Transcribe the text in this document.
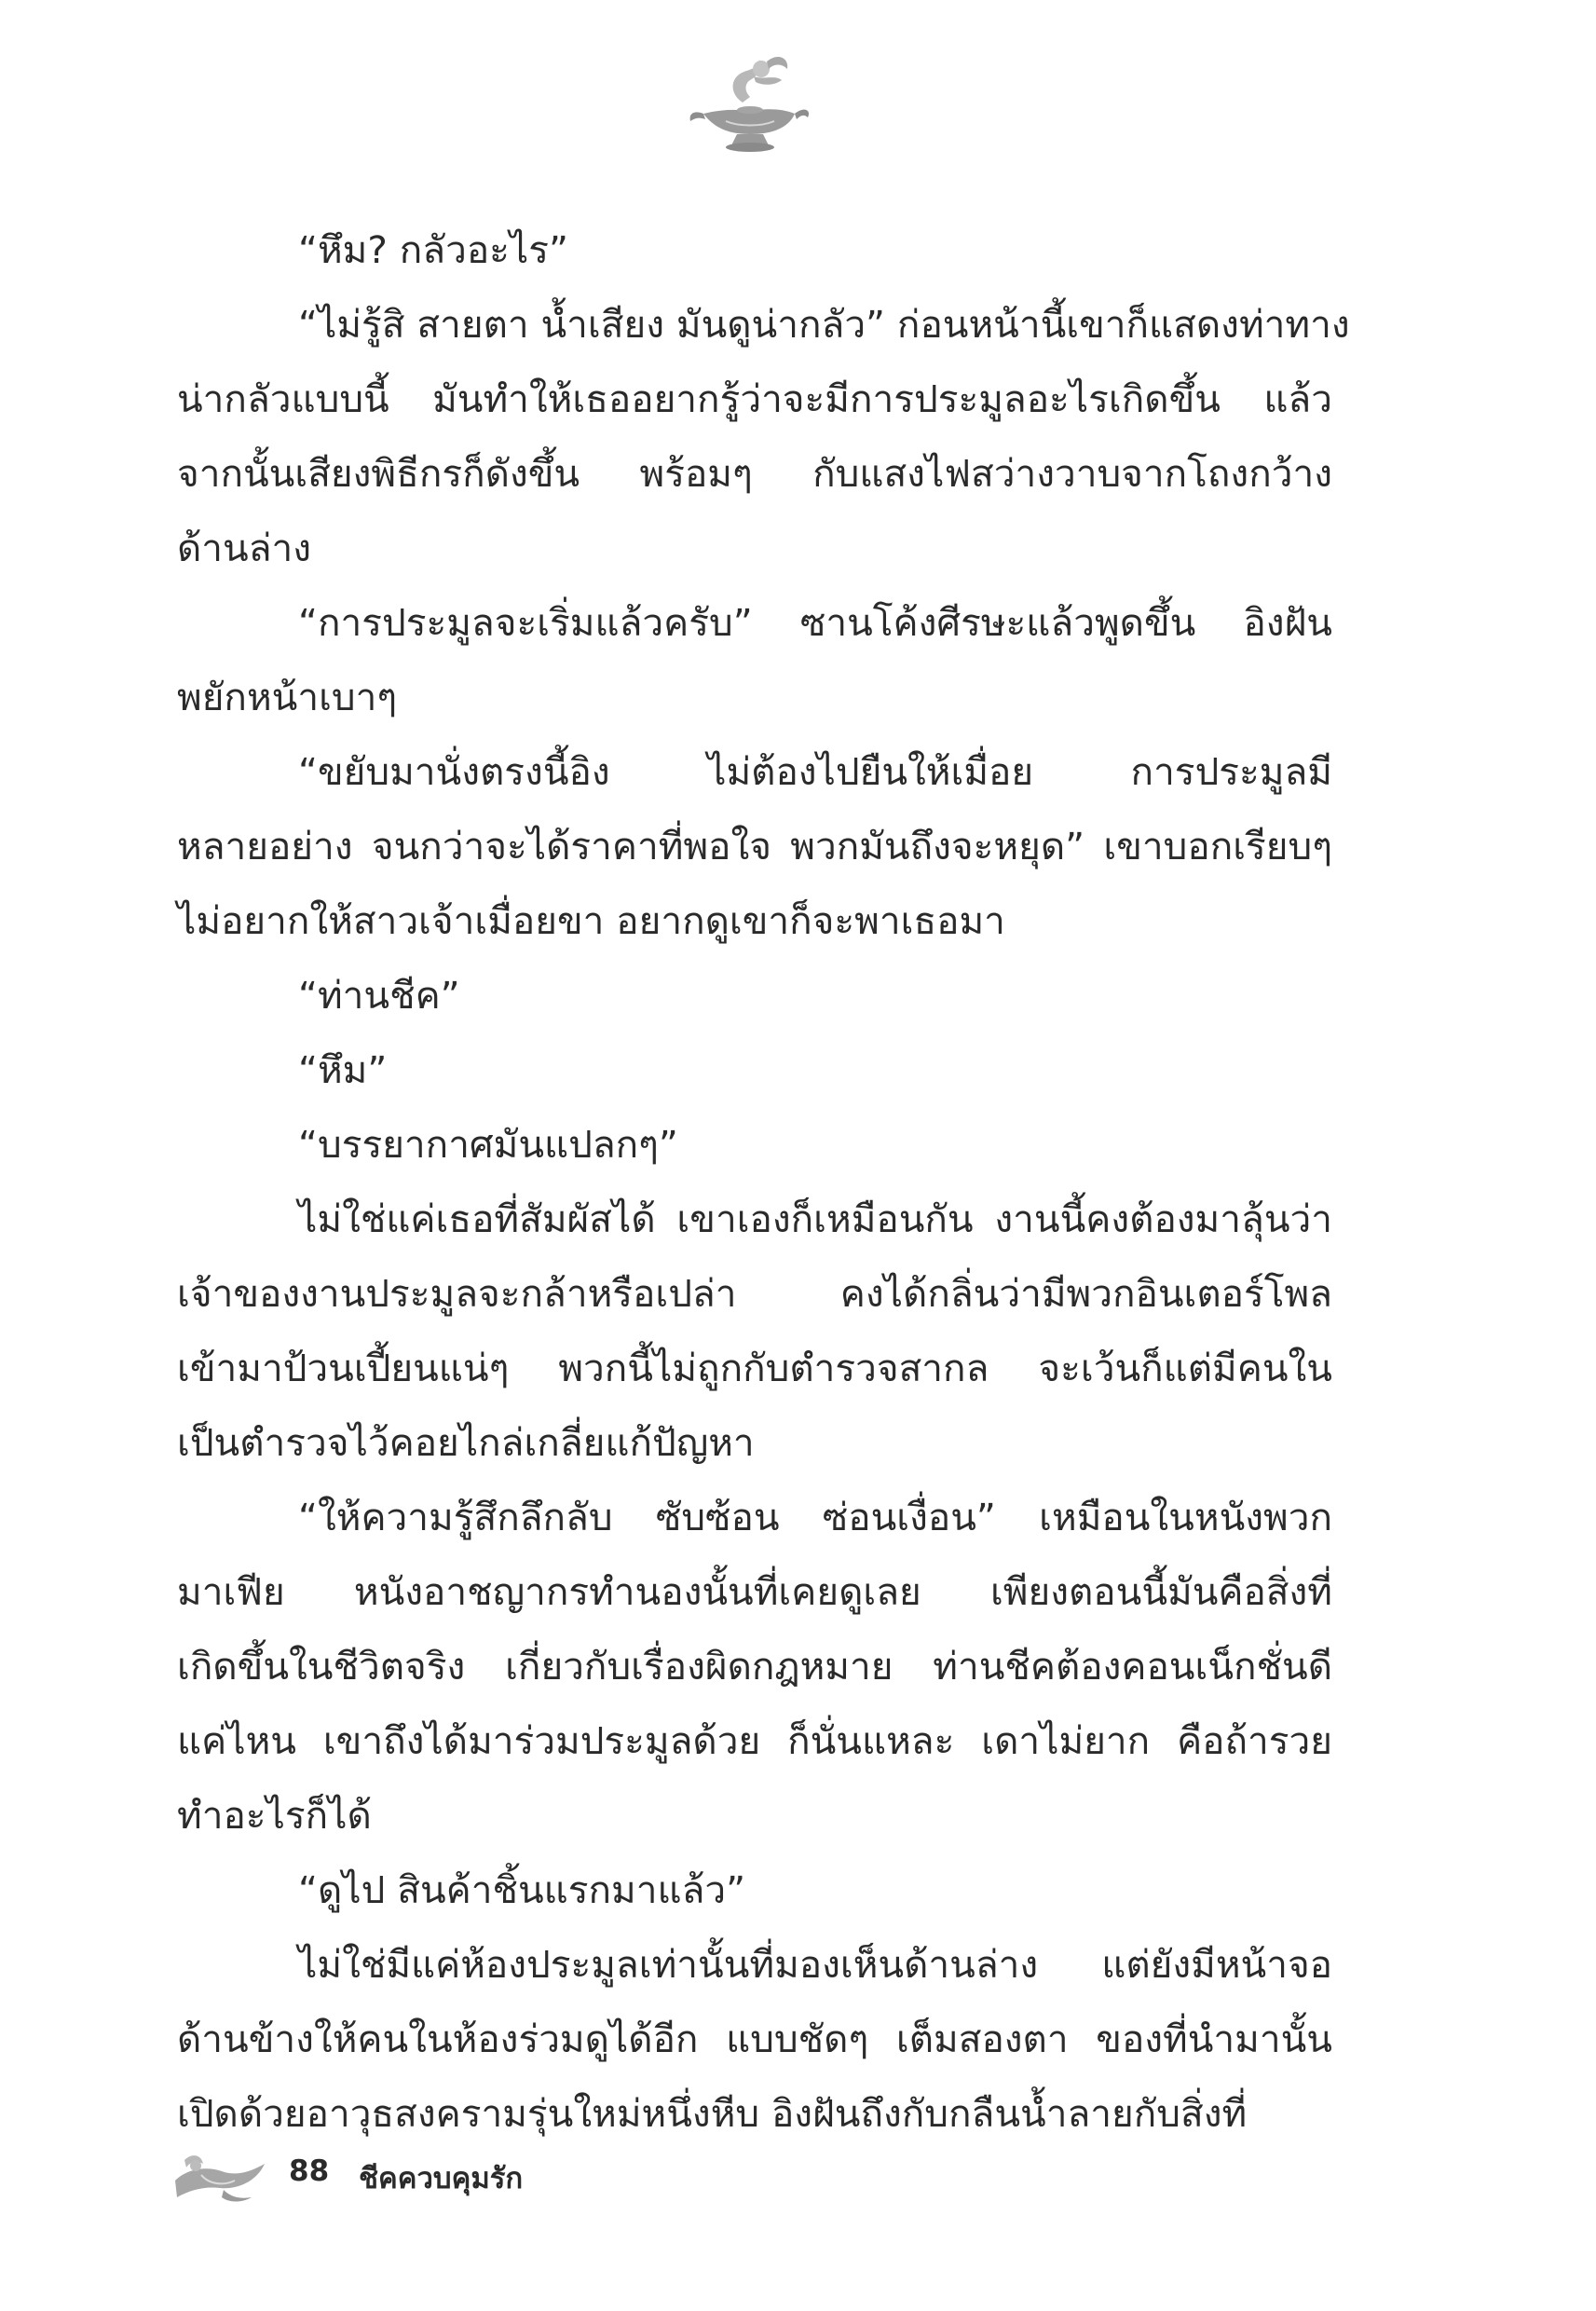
“หึม? กลัวอะไร”
“ไม่รู้สิ สายตา น้ำเสียง มันดูน่ากลัว” ก่อนหน้านี้เขาก็แสดงท่าทาง
น่ากลัวแบบนี้ มันทำให้เธออยากรู้ว่าจะมีการประมูลอะไรเกิดขึ้น แล้ว
จากนั้นเสียงพิธีกรก็ดังขึ้น พร้อมๆ กับแสงไฟสว่างวาบจากโถงกว้าง
ด้านล่าง
“การประมูลจะเริ่มแล้วครับ” ซานโค้งศีรษะแล้วพูดขึ้น อิงฝัน
พยักหน้าเบาๆ
“ขยับมานั่งตรงนี้อิง ไม่ต้องไปยืนให้เมื่อย การประมูลมี
หลายอย่าง จนกว่าจะได้ราคาที่พอใจ พวกมันถึงจะหยุด” เขาบอกเรียบๆ
ไม่อยากให้สาวเจ้าเมื่อยขา อยากดูเขาก็จะพาเธอมา
“ท่านชีค”
“หึม”
“บรรยากาศมันแปลกๆ”
ไม่ใช่แค่เธอที่สัมผัสได้ เขาเองก็เหมือนกัน งานนี้คงต้องมาลุ้นว่า
เจ้าของงานประมูลจะกล้าหรือเปล่า คงได้กลิ่นว่ามีพวกอินเตอร์โพล
เข้ามาป้วนเปี้ยนแน่ๆ พวกนี้ไม่ถูกกับตำรวจสากล จะเว้นก็แต่มีคนใน
เป็นตำรวจไว้คอยไกล่เกลี่ยแก้ปัญหา
“ให้ความรู้สึกลึกลับ ซับซ้อน ซ่อนเงื่อน” เหมือนในหนังพวก
มาเฟีย หนังอาชญากรทำนองนั้นที่เคยดูเลย เพียงตอนนี้มันคือสิ่งที่
เกิดขึ้นในชีวิตจริง เกี่ยวกับเรื่องผิดกฎหมาย ท่านชีคต้องคอนเน็กชั่นดี
แค่ไหน เขาถึงได้มาร่วมประมูลด้วย ก็นั่นแหละ เดาไม่ยาก คือถ้ารวย
ทำอะไรก็ได้
“ดูไป สินค้าชิ้นแรกมาแล้ว”
ไม่ใช่มีแค่ห้องประมูลเท่านั้นที่มองเห็นด้านล่าง แต่ยังมีหน้าจอ
ด้านข้างให้คนในห้องร่วมดูได้อีก แบบชัดๆ เต็มสองตา ของที่นำมานั้น
เปิดด้วยอาวุธสงครามรุ่นใหม่หนึ่งหีบ อิงฝันถึงกับกลืนน้ำลายกับสิ่งที่
88 ชีคควบคุมรัก
